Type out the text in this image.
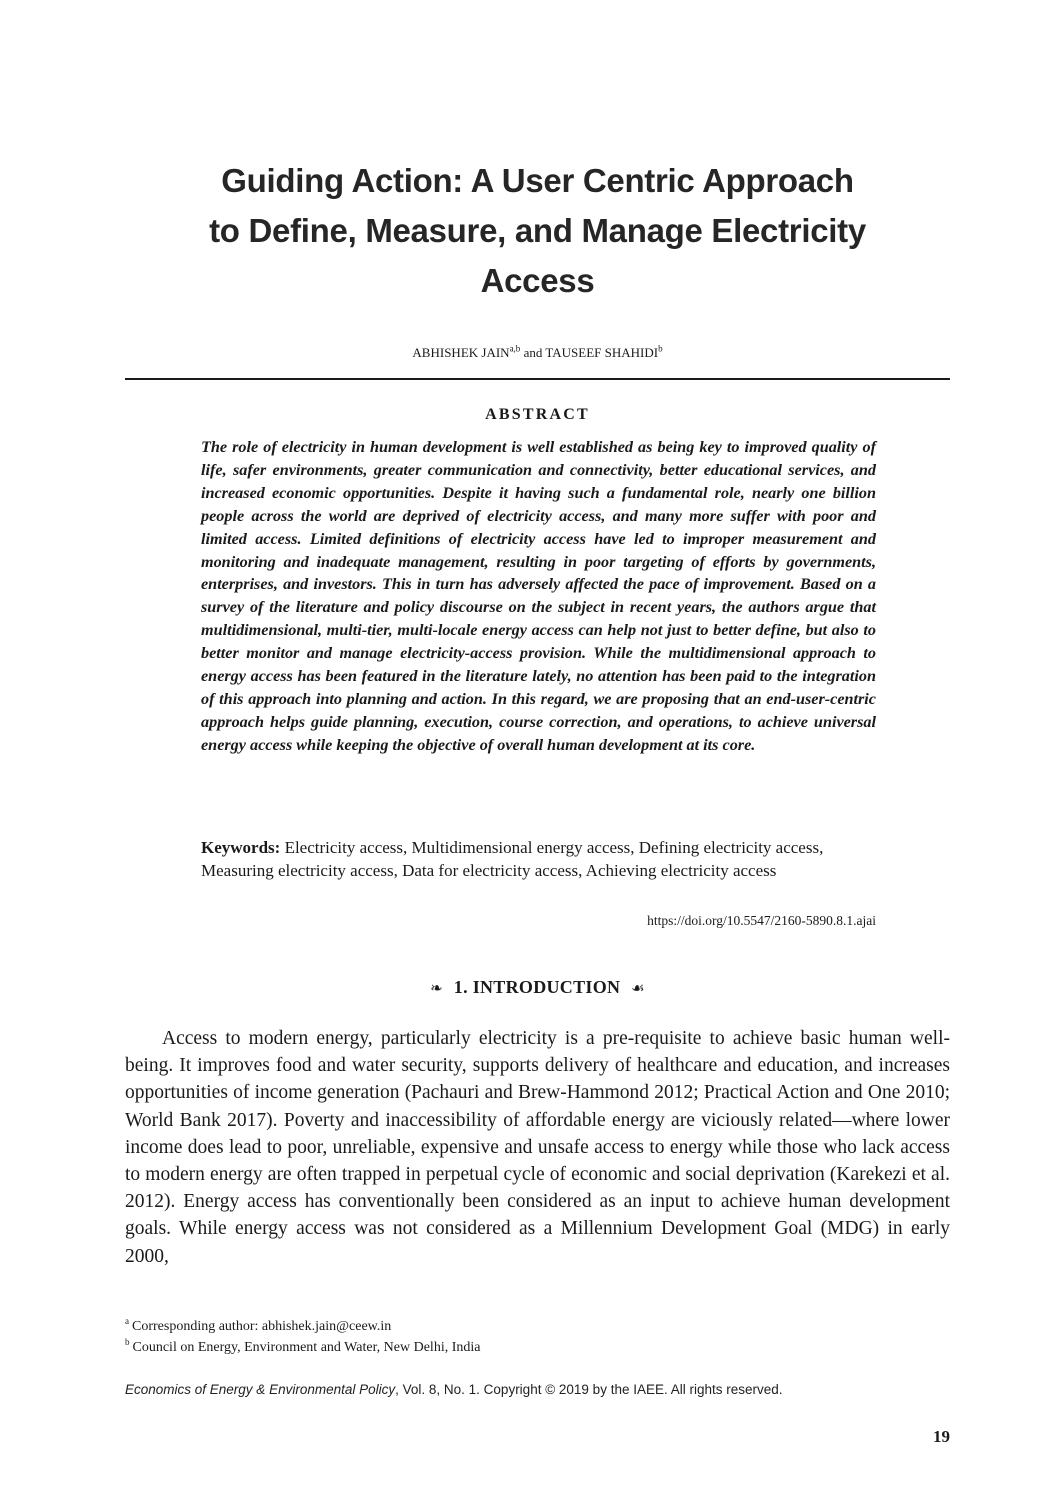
Guiding Action: A User Centric Approach
to Define, Measure, and Manage Electricity
Access
ABHISHEK JAIN$^{a,b}$ and TAUSEEF SHAHIDI$^b$
ABSTRACT

The role of electricity in human development is well established as being key to improved quality of life, safer environments, greater communication and connectivity, better educational services, and increased economic opportunities. Despite it having such a fundamental role, nearly one billion people across the world are deprived of electricity access, and many more suffer with poor and limited access. Limited definitions of electricity access have led to improper measurement and monitoring and inadequate management, resulting in poor targeting of efforts by governments, enterprises, and investors. This in turn has adversely affected the pace of improvement. Based on a survey of the literature and policy discourse on the subject in recent years, the authors argue that multidimensional, multi-tier, multi-locale energy access can help not just to better define, but also to better monitor and manage electricity-access provision. While the multidimensional approach to energy access has been featured in the literature lately, no attention has been paid to the integration of this approach into planning and action. In this regard, we are proposing that an end-user-centric approach helps guide planning, execution, course correction, and operations, to achieve universal energy access while keeping the objective of overall human development at its core.

Keywords: Electricity access, Multidimensional energy access, Defining electricity access, Measuring electricity access, Data for electricity access, Achieving electricity access

https://doi.org/10.5547/2160-5890.8.1.ajai
❧ 1. INTRODUCTION ☙

Access to modern energy, particularly electricity is a pre-requisite to achieve basic human well-being. It improves food and water security, supports delivery of healthcare and education, and increases opportunities of income generation (Pachauri and Brew-Hammond 2012; Practical Action and One 2010; World Bank 2017). Poverty and inaccessibility of affordable energy are viciously related—where lower income does lead to poor, unreliable, expensive and unsafe access to energy while those who lack access to modern energy are often trapped in perpetual cycle of economic and social deprivation (Karekezi et al. 2012). Energy access has conventionally been considered as an input to achieve human development goals. While energy access was not considered as a Millennium Development Goal (MDG) in early 2000,

$^a$ Corresponding author: abhishek.jain@ceew.in
$^b$ Council on Energy, Environment and Water, New Delhi, India
Economics of Energy & Environmental Policy, Vol. 8, No. 1. Copyright © 2019 by the IAEE. All rights reserved.
19
